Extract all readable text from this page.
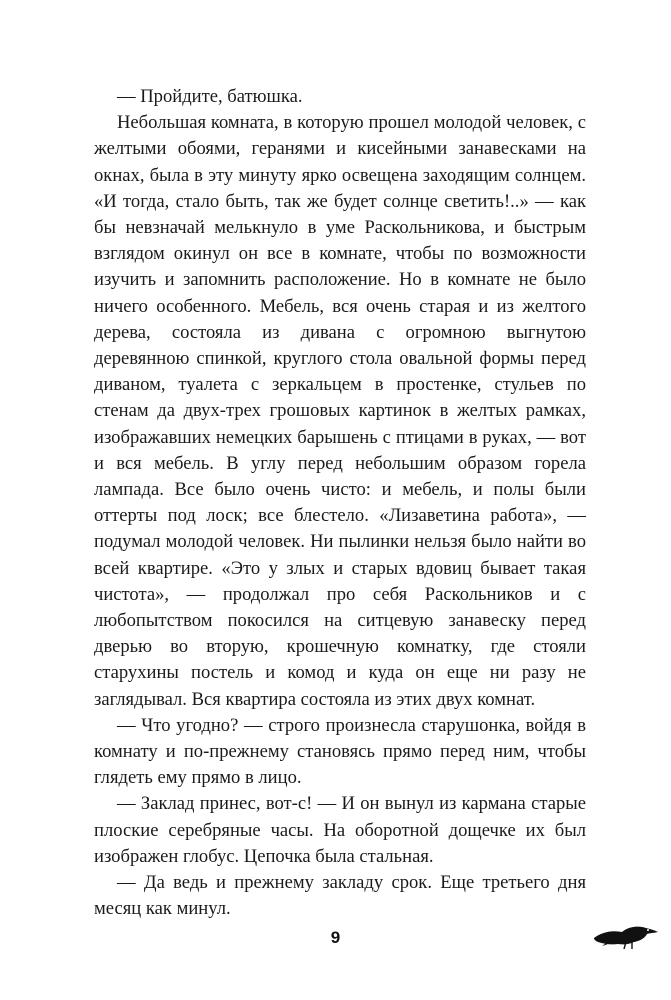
— Пройдите, батюшка.

Небольшая комната, в которую прошел молодой человек, с желтыми обоями, геранями и кисейными занавесками на окнах, была в эту минуту ярко освещена заходящим солнцем. «И тогда, стало быть, так же будет солнце светить!..» — как бы невзначай мелькнуло в уме Раскольникова, и быстрым взглядом окинул он все в комнате, чтобы по возможности изучить и запомнить расположение. Но в комнате не было ничего особенного. Мебель, вся очень старая и из желтого дерева, состояла из дивана с огромною выгнутою деревянною спинкой, круглого стола овальной формы перед диваном, туалета с зеркальцем в простенке, стульев по стенам да двух-трех грошовых картинок в желтых рамках, изображавших немецких барышень с птицами в руках, — вот и вся мебель. В углу перед небольшим образом горела лампада. Все было очень чисто: и мебель, и полы были оттерты под лоск; все блестело. «Лизаветина работа», — подумал молодой человек. Ни пылинки нельзя было найти во всей квартире. «Это у злых и старых вдовиц бывает такая чистота», — продолжал про себя Раскольников и с любопытством покосился на ситцевую занавеску перед дверью во вторую, крошечную комнатку, где стояли старухины постель и комод и куда он еще ни разу не заглядывал. Вся квартира состояла из этих двух комнат.

— Что угодно? — строго произнесла старушонка, войдя в комнату и по-прежнему становясь прямо перед ним, чтобы глядеть ему прямо в лицо.

— Заклад принес, вот-с! — И он вынул из кармана старые плоские серебряные часы. На оборотной дощечке их был изображен глобус. Цепочка была стальная.

— Да ведь и прежнему закладу срок. Еще третьего дня месяц как минул.

9
